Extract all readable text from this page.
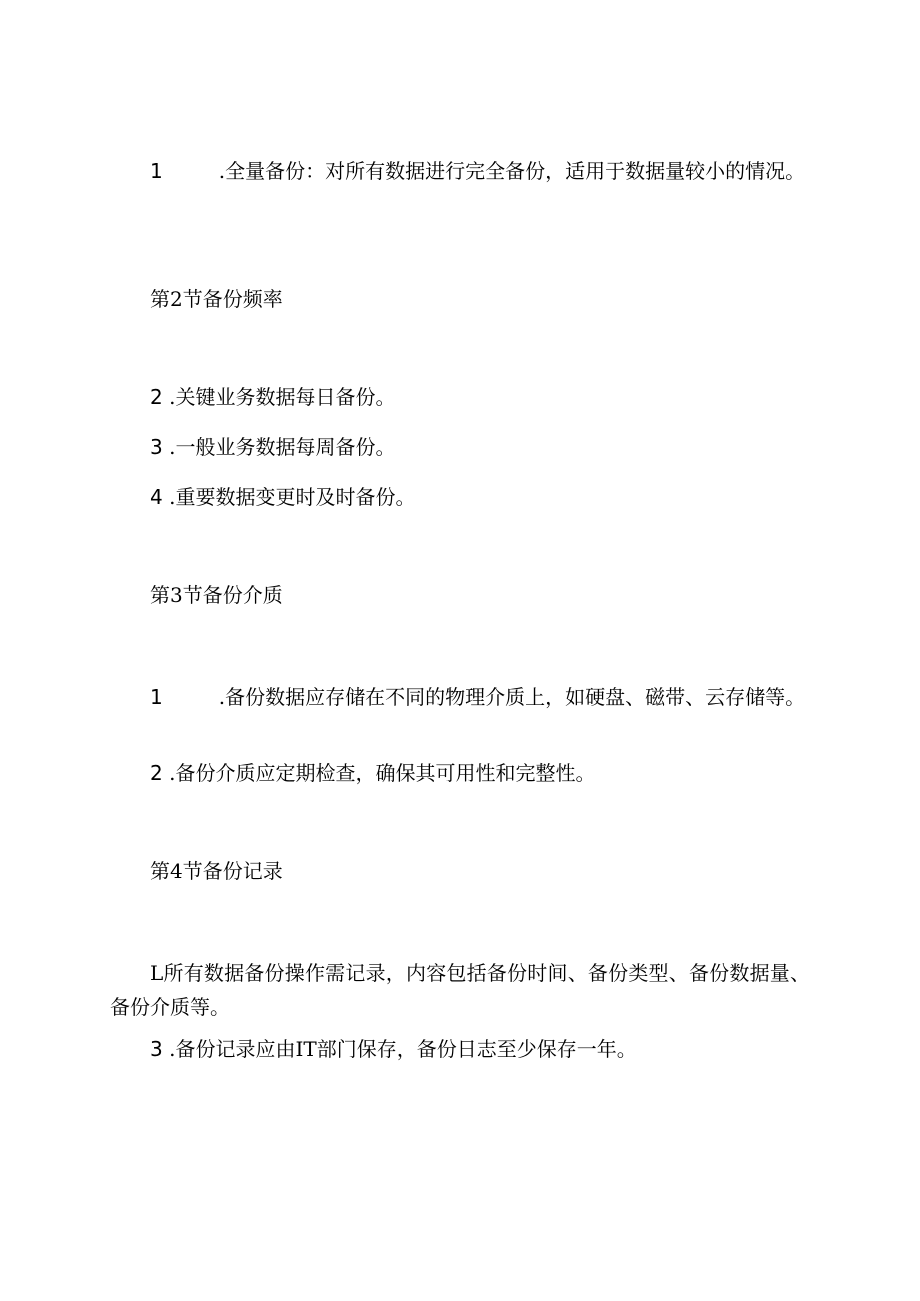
1	.全量备份：对所有数据进行完全备份，适用于数据量较小的情况。

第2节备份频率

2 .关键业务数据每日备份。

3 .一般业务数据每周备份。

4 .重要数据变更时及时备份。

第3节备份介质

1	.备份数据应存储在不同的物理介质上，如硬盘、磁带、云存储等。

2 .备份介质应定期检查，确保其可用性和完整性。

第4节备份记录

L所有数据备份操作需记录，内容包括备份时间、备份类型、备份数据量、备份介质等。

3 .备份记录应由IT部门保存，备份日志至少保存一年。
